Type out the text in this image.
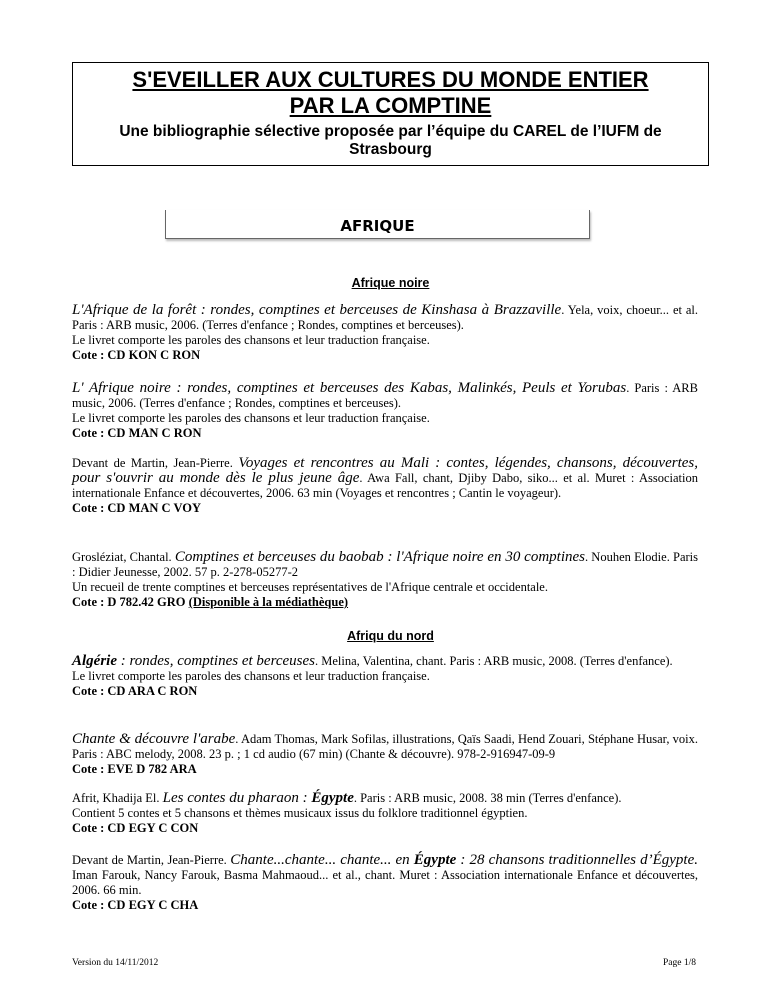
S'EVEILLER AUX CULTURES DU MONDE ENTIER
PAR LA COMPTINE
Une bibliographie sélective proposée par l’équipe du CAREL de l’IUFM de Strasbourg
AFRIQUE
Afrique noire
L'Afrique de la forêt : rondes, comptines et berceuses de Kinshasa à Brazzaville. Yela, voix, choeur... et al. Paris : ARB music, 2006. (Terres d'enfance ; Rondes, comptines et berceuses).
Le livret comporte les paroles des chansons et leur traduction française.
Cote : CD KON C RON
L' Afrique noire : rondes, comptines et berceuses des Kabas, Malinkés, Peuls et Yorubas. Paris : ARB music, 2006. (Terres d'enfance ; Rondes, comptines et berceuses).
Le livret comporte les paroles des chansons et leur traduction française.
Cote : CD MAN C RON
Devant de Martin, Jean-Pierre. Voyages et rencontres au Mali : contes, légendes, chansons, découvertes, pour s'ouvrir au monde dès le plus jeune âge. Awa Fall, chant, Djiby Dabo, siko... et al. Muret : Association internationale Enfance et découvertes, 2006. 63 min (Voyages et rencontres ; Cantin le voyageur).
Cote : CD MAN C VOY
Grosléziat, Chantal. Comptines et berceuses du baobab : l'Afrique noire en 30 comptines. Nouhen Elodie. Paris : Didier Jeunesse, 2002. 57 p. 2-278-05277-2
Un recueil de trente comptines et berceuses représentatives de l'Afrique centrale et occidentale.
Cote : D 782.42 GRO (Disponible à la médiathèque)
Afriqu du nord
Algérie : rondes, comptines et berceuses. Melina, Valentina, chant. Paris : ARB music, 2008. (Terres d'enfance).
Le livret comporte les paroles des chansons et leur traduction française.
Cote : CD ARA C RON
Chante & découvre l'arabe. Adam Thomas, Mark Sofilas, illustrations, Qaïs Saadi, Hend Zouari, Stéphane Husar, voix. Paris : ABC melody, 2008. 23 p. ; 1 cd audio (67 min) (Chante & découvre). 978-2-916947-09-9
Cote : EVE D 782 ARA
Afrit, Khadija El. Les contes du pharaon : Égypte. Paris : ARB music, 2008. 38 min (Terres d'enfance).
Contient 5 contes et 5 chansons et thèmes musicaux issus du folklore traditionnel égyptien.
Cote : CD EGY C CON
Devant de Martin, Jean-Pierre. Chante...chante... chante... en Égypte : 28 chansons traditionnelles d’Égypte. Iman Farouk, Nancy Farouk, Basma Mahmaoud... et al., chant. Muret : Association internationale Enfance et découvertes, 2006. 66 min.
Cote : CD EGY C CHA
Version du 14/11/2012	Page 1/8
